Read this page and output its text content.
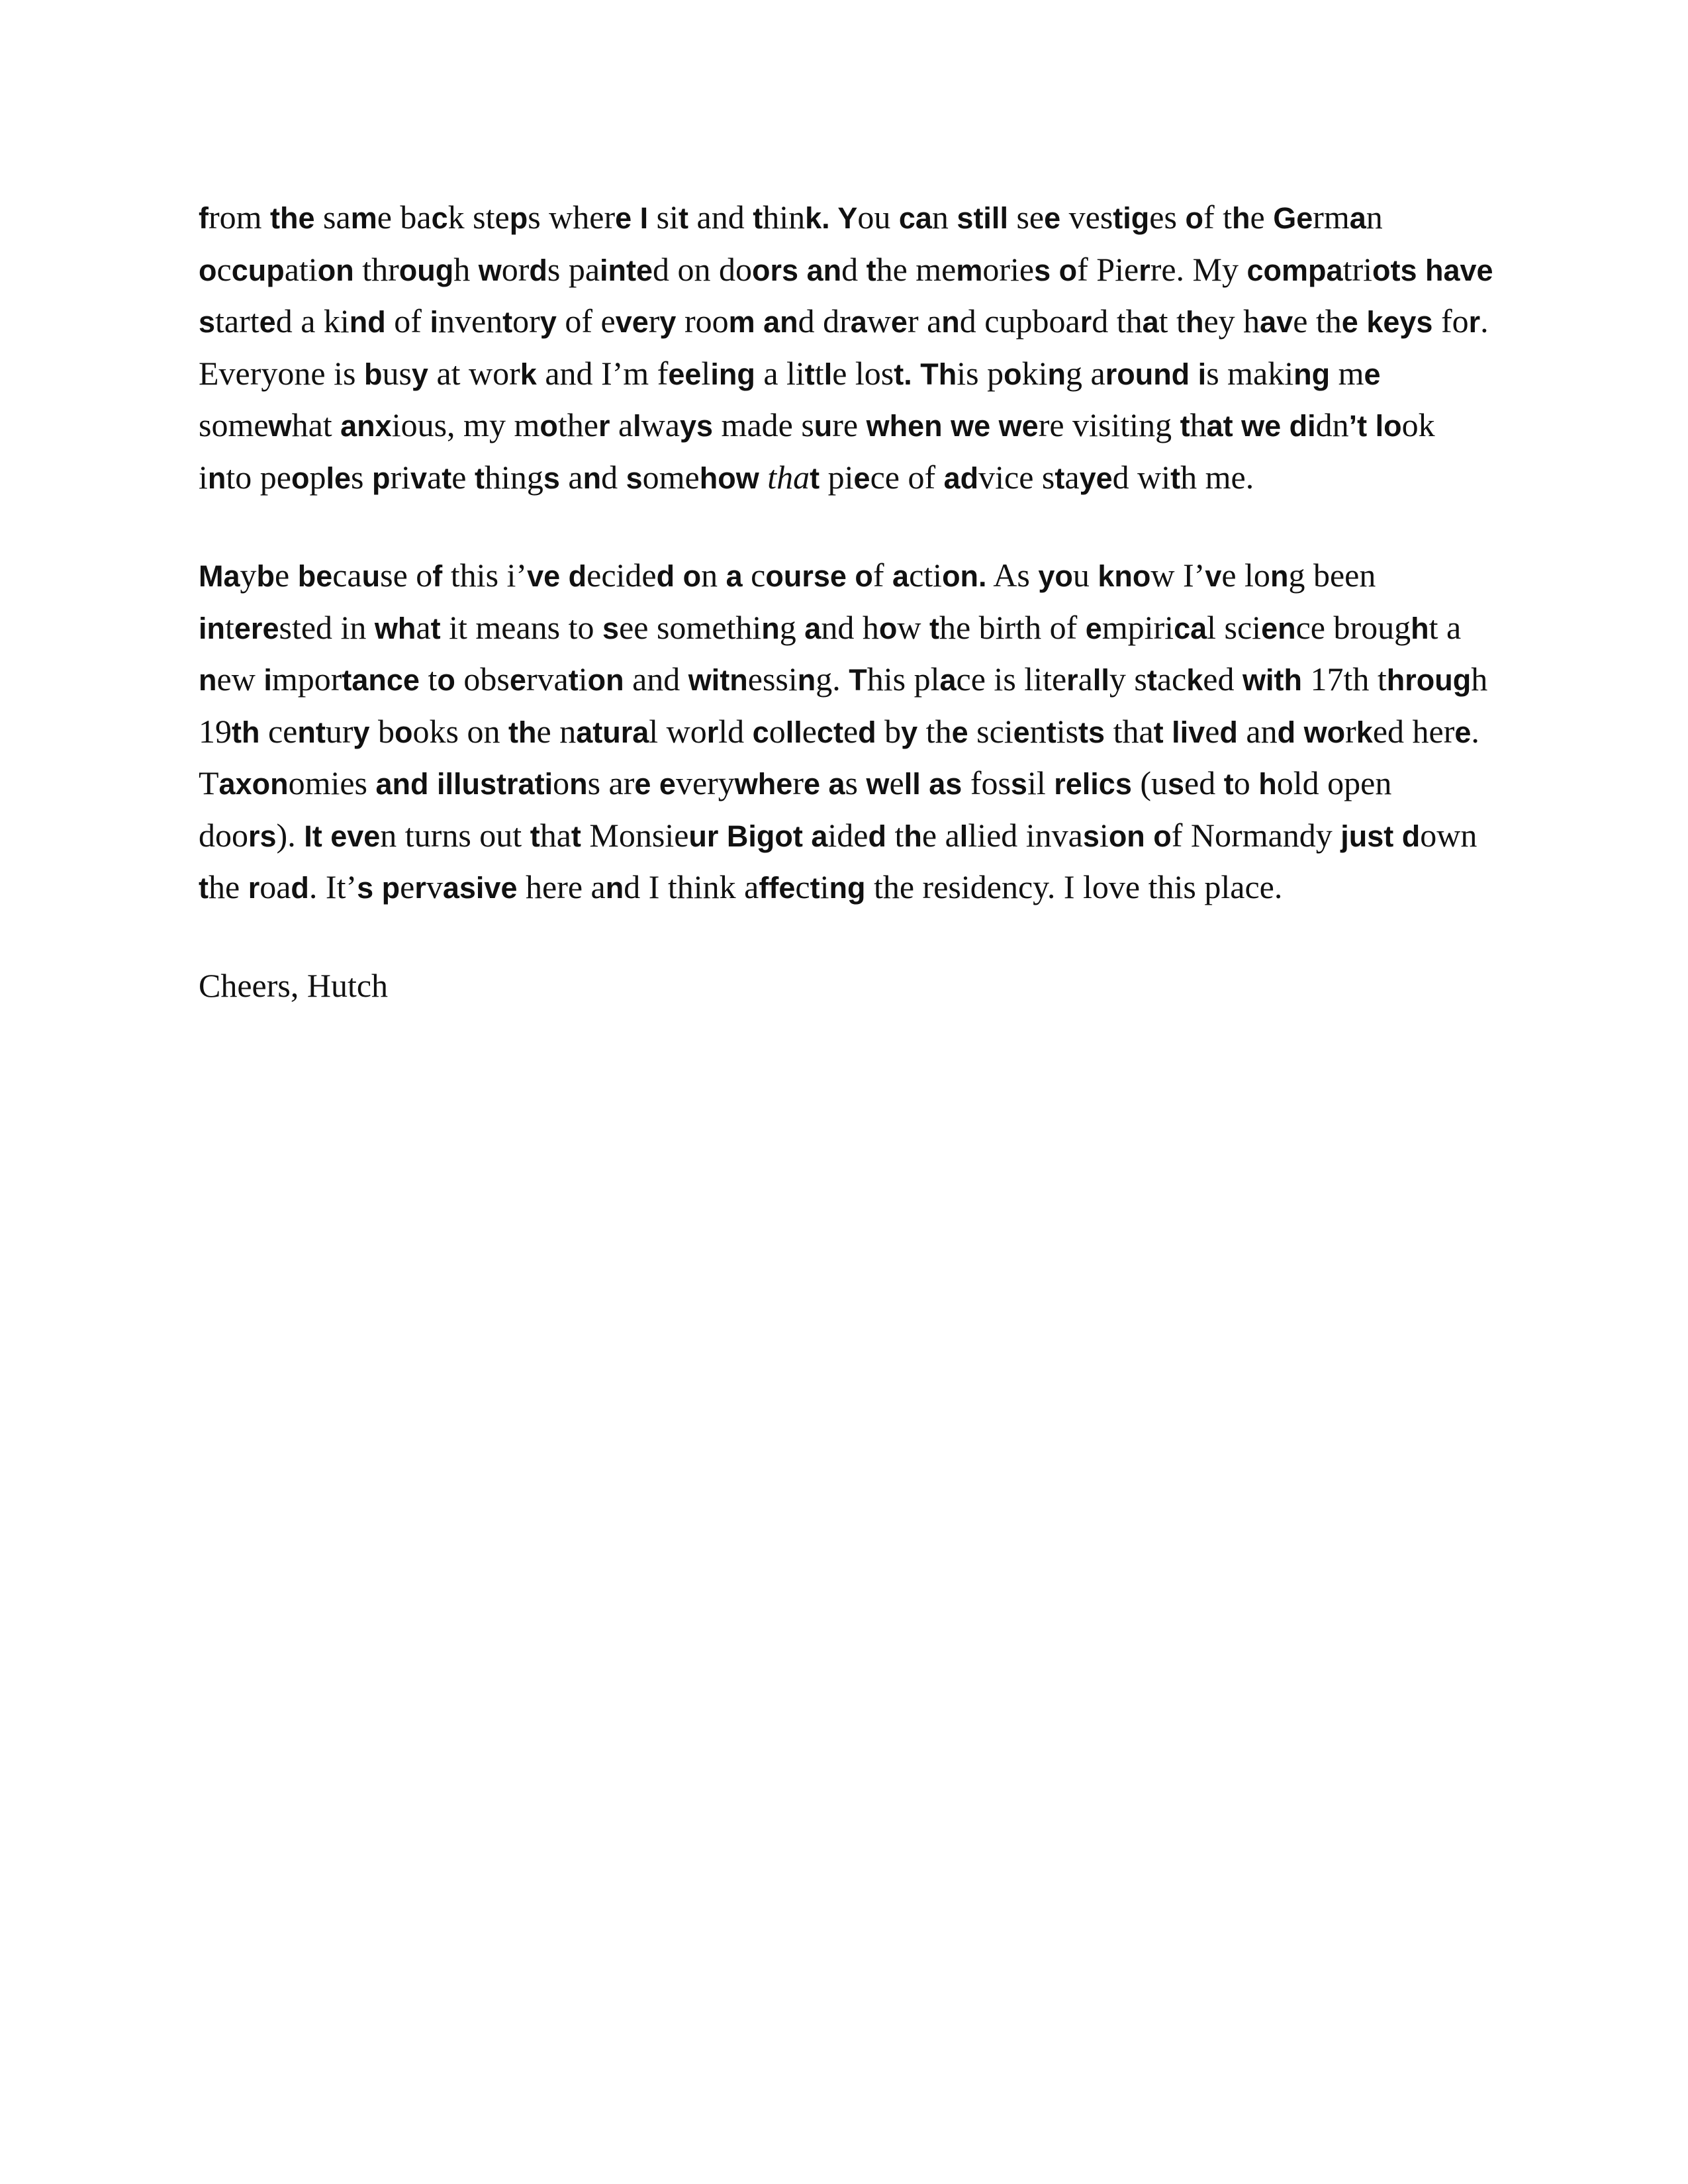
from the same back steps where I sit and think. You can still see vestiges of the German occupation through words painted on doors and the memories of Pierre. My compatriots have started a kind of inventory of every room and drawer and cupboard that they have the keys for. Everyone is busy at work and I’m feeling a little lost. This poking around is making me somewhat anxious, my mother always made sure when we were visiting that we didn’t look into peoples private things and somehow that piece of advice stayed with me.

Maybe because of this i’ve decided on a course of action. As you know I’ve long been interested in what it means to see something and how the birth of empirical science brought a new importance to observation and witnessing. This place is literally stacked with 17th through 19th century books on the natural world collected by the scientists that lived and worked here. Taxonomies and illustrations are everywhere as well as fossil relics (used to hold open doors). It even turns out that Monsieur Bigot aided the allied invasion of Normandy just down the road. It’s pervasive here and I think affecting the residency. I love this place.

Cheers, Hutch
